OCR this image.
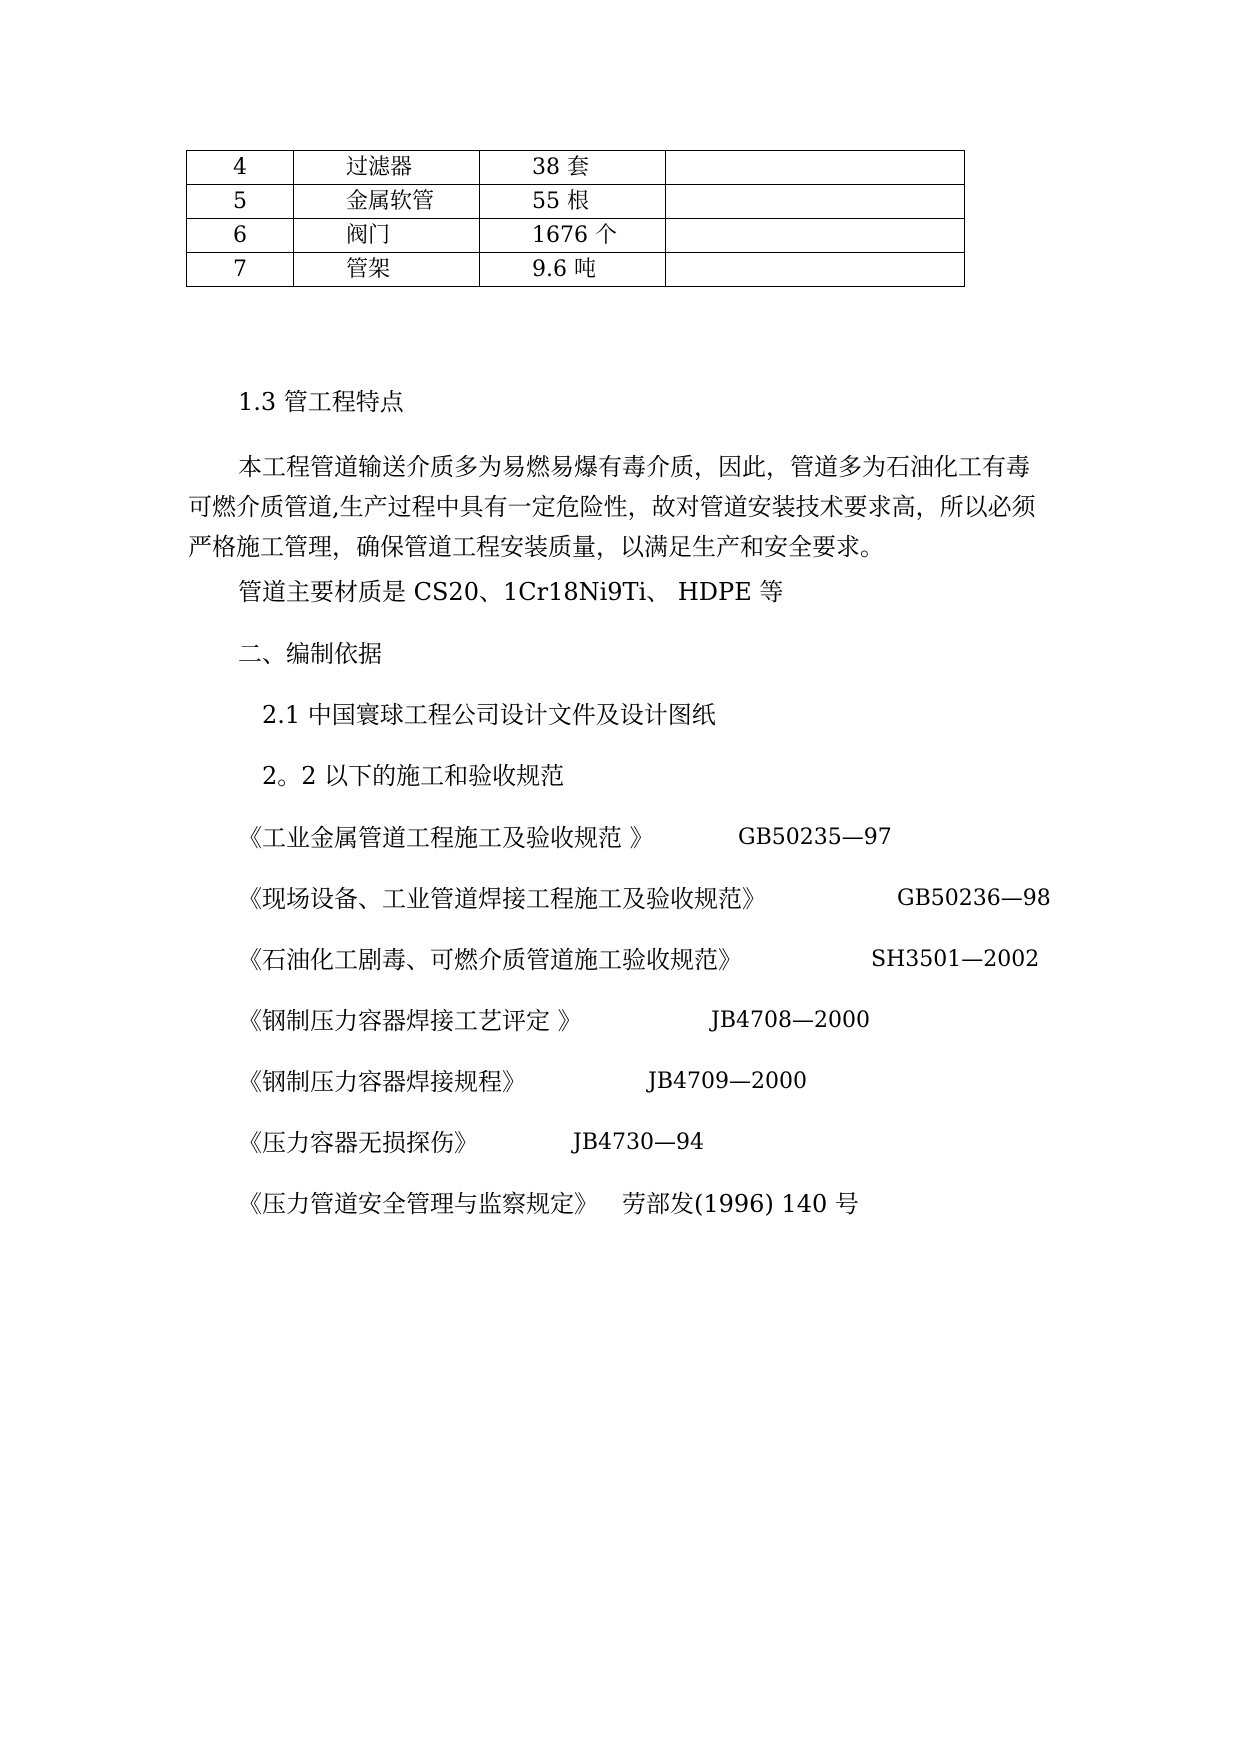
4	过滤器	38 套	
5	金属软管	55 根	
6	阀门	1676 个	
7	管架	9.6 吨	
1.3 管工程特点
本工程管道输送介质多为易燃易爆有毒介质，因此，管道多为石油化工有毒可燃介质管道,生产过程中具有一定危险性，故对管道安装技术要求高，所以必须严格施工管理，确保管道工程安装质量，以满足生产和安全要求。
管道主要材质是 CS20、1Cr18Ni9Ti、 HDPE 等
二、编制依据
2.1 中国寰球工程公司设计文件及设计图纸
2。2 以下的施工和验收规范
《工业金属管道工程施工及验收规范 》	GB50235—97
《现场设备、工业管道焊接工程施工及验收规范》	GB50236—98
《石油化工剧毒、可燃介质管道施工验收规范》	SH3501—2002
《钢制压力容器焊接工艺评定 》	JB4708—2000
《钢制压力容器焊接规程》	JB4709—2000
《压力容器无损探伤》	JB4730—94
《压力管道安全管理与监察规定》 劳部发(1996) 140 号
